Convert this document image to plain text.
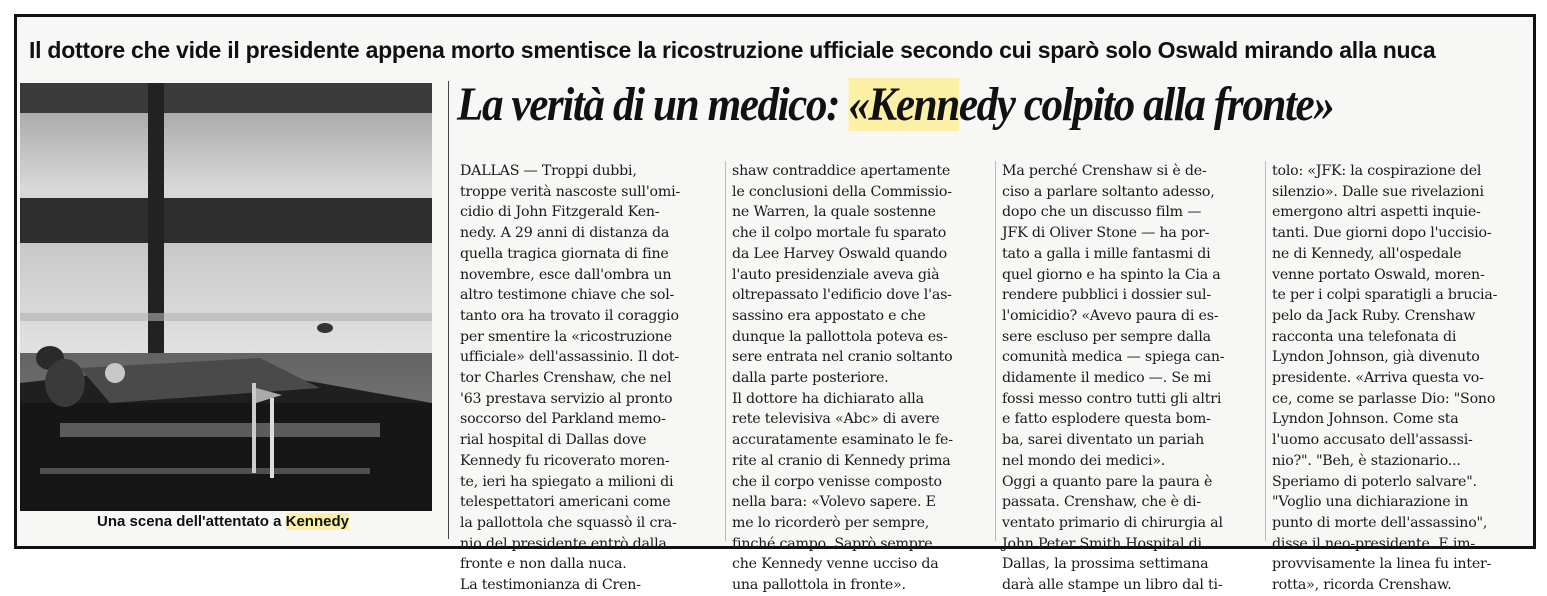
Il dottore che vide il presidente appena morto smentisce la ricostruzione ufficiale secondo cui sparò solo Oswald mirando alla nuca
Una scena dell'attentato a Kennedy
La verità di un medico: «Kennedy colpito alla fronte»
DALLAS — Troppi dubbi,
troppe verità nascoste sull'omi-
cidio di John Fitzgerald Ken-
nedy. A 29 anni di distanza da
quella tragica giornata di fine
novembre, esce dall'ombra un
altro testimone chiave che sol-
tanto ora ha trovato il coraggio
per smentire la «ricostruzione
ufficiale» dell'assassinio. Il dot-
tor Charles Crenshaw, che nel
'63 prestava servizio al pronto
soccorso del Parkland memo-
rial hospital di Dallas dove
Kennedy fu ricoverato moren-
te, ieri ha spiegato a milioni di
telespettatori americani come
la pallottola che squassò il cra-
nio del presidente entrò dalla
fronte e non dalla nuca.
La testimonianza di Cren-
shaw contraddice apertamente
le conclusioni della Commissio-
ne Warren, la quale sostenne
che il colpo mortale fu sparato
da Lee Harvey Oswald quando
l'auto presidenziale aveva già
oltrepassato l'edificio dove l'as-
sassino era appostato e che
dunque la pallottola poteva es-
sere entrata nel cranio soltanto
dalla parte posteriore.
Il dottore ha dichiarato alla
rete televisiva «Abc» di avere
accuratamente esaminato le fe-
rite al cranio di Kennedy prima
che il corpo venisse composto
nella bara: «Volevo sapere. E
me lo ricorderò per sempre,
finché campo. Saprò sempre
che Kennedy venne ucciso da
una pallottola in fronte».
Ma perché Crenshaw si è de-
ciso a parlare soltanto adesso,
dopo che un discusso film —
JFK di Oliver Stone — ha por-
tato a galla i mille fantasmi di
quel giorno e ha spinto la Cia a
rendere pubblici i dossier sul-
l'omicidio? «Avevo paura di es-
sere escluso per sempre dalla
comunità medica — spiega can-
didamente il medico —. Se mi
fossi messo contro tutti gli altri
e fatto esplodere questa bom-
ba, sarei diventato un pariah
nel mondo dei medici».
Oggi a quanto pare la paura è
passata. Crenshaw, che è di-
ventato primario di chirurgia al
John Peter Smith Hospital di
Dallas, la prossima settimana
darà alle stampe un libro dal ti-
tolo: «JFK: la cospirazione del
silenzio». Dalle sue rivelazioni
emergono altri aspetti inquie-
tanti. Due giorni dopo l'uccisio-
ne di Kennedy, all'ospedale
venne portato Oswald, moren-
te per i colpi sparatigli a brucia-
pelo da Jack Ruby. Crenshaw
racconta una telefonata di
Lyndon Johnson, già divenuto
presidente. «Arriva questa vo-
ce, come se parlasse Dio: "Sono
Lyndon Johnson. Come sta
l'uomo accusato dell'assassi-
nio?". "Beh, è stazionario...
Speriamo di poterlo salvare".
"Voglio una dichiarazione in
punto di morte dell'assassino",
disse il neo-presidente. E im-
provvisamente la linea fu inter-
rotta», ricorda Crenshaw.
